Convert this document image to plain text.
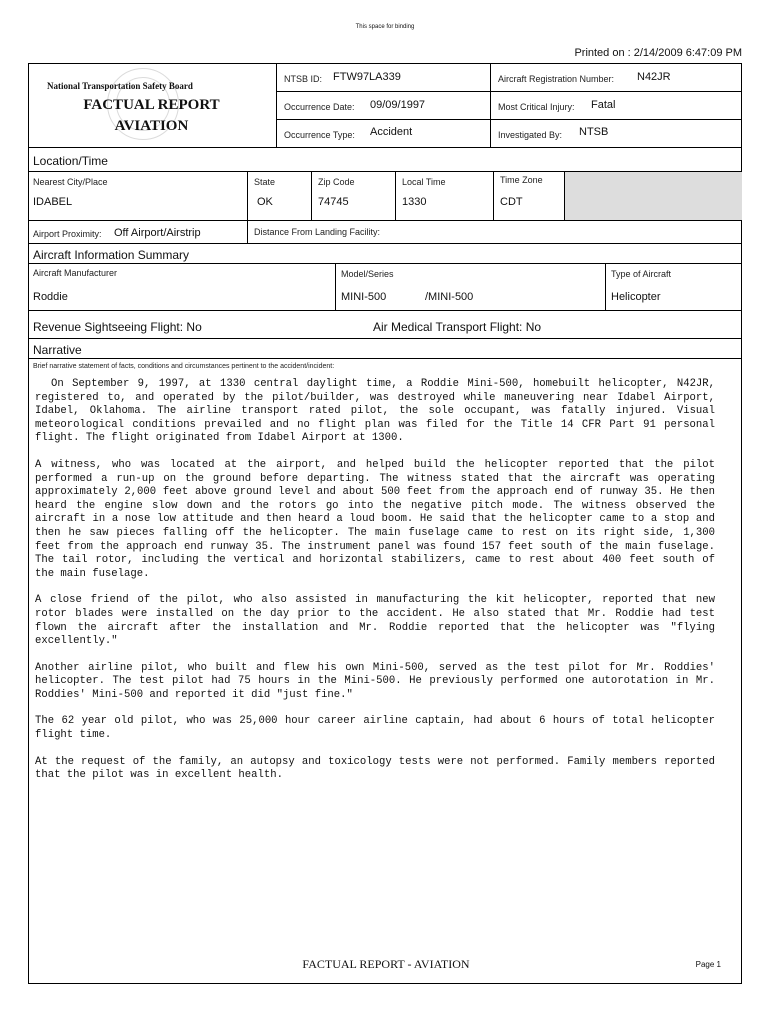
This space for binding
Printed on : 2/14/2009 6:47:09 PM
National Transportation Safety Board
FACTUAL REPORT
AVIATION
NTSB ID: FTW97LA339
Occurrence Date: 09/09/1997
Occurrence Type: Accident
Aircraft Registration Number: N42JR
Most Critical Injury: Fatal
Investigated By: NTSB
Location/Time
Nearest City/Place
IDABEL
State
OK
Zip Code
74745
Local Time
1330
Time Zone
CDT
Airport Proximity: Off Airport/Airstrip	Distance From Landing Facility:
Aircraft Information Summary
Aircraft Manufacturer
Roddie
Model/Series
MINI-500	/MINI-500
Type of Aircraft
Helicopter
Revenue Sightseeing Flight: No	Air Medical Transport Flight: No
Narrative
Brief narrative statement of facts, conditions and circumstances pertinent to the accident/incident:

On September 9, 1997, at 1330 central daylight time, a Roddie Mini-500, homebuilt helicopter, N42JR, registered to, and operated by the pilot/builder, was destroyed while maneuvering near Idabel Airport, Idabel, Oklahoma. The airline transport rated pilot, the sole occupant, was fatally injured. Visual meteorological conditions prevailed and no flight plan was filed for the Title 14 CFR Part 91 personal flight. The flight originated from Idabel Airport at 1300.

A witness, who was located at the airport, and helped build the helicopter reported that the pilot performed a run-up on the ground before departing. The witness stated that the aircraft was operating approximately 2,000 feet above ground level and about 500 feet from the approach end of runway 35. He then heard the engine slow down and the rotors go into the negative pitch mode. The witness observed the aircraft in a nose low attitude and then heard a loud boom. He said that the helicopter came to a stop and then he saw pieces falling off the helicopter. The main fuselage came to rest on its right side, 1,300 feet from the approach end runway 35. The instrument panel was found 157 feet south of the main fuselage. The tail rotor, including the vertical and horizontal stabilizers, came to rest about 400 feet south of the main fuselage.

A close friend of the pilot, who also assisted in manufacturing the kit helicopter, reported that new rotor blades were installed on the day prior to the accident. He also stated that Mr. Roddie had test flown the aircraft after the installation and Mr. Roddie reported that the helicopter was "flying excellently."

Another airline pilot, who built and flew his own Mini-500, served as the test pilot for Mr. Roddies' helicopter. The test pilot had 75 hours in the Mini-500. He previously performed one autorotation in Mr. Roddies' Mini-500 and reported it did "just fine."

The 62 year old pilot, who was 25,000 hour career airline captain, had about 6 hours of total helicopter flight time.

At the request of the family, an autopsy and toxicology tests were not performed. Family members reported that the pilot was in excellent health.

FACTUAL REPORT - AVIATION	Page 1
